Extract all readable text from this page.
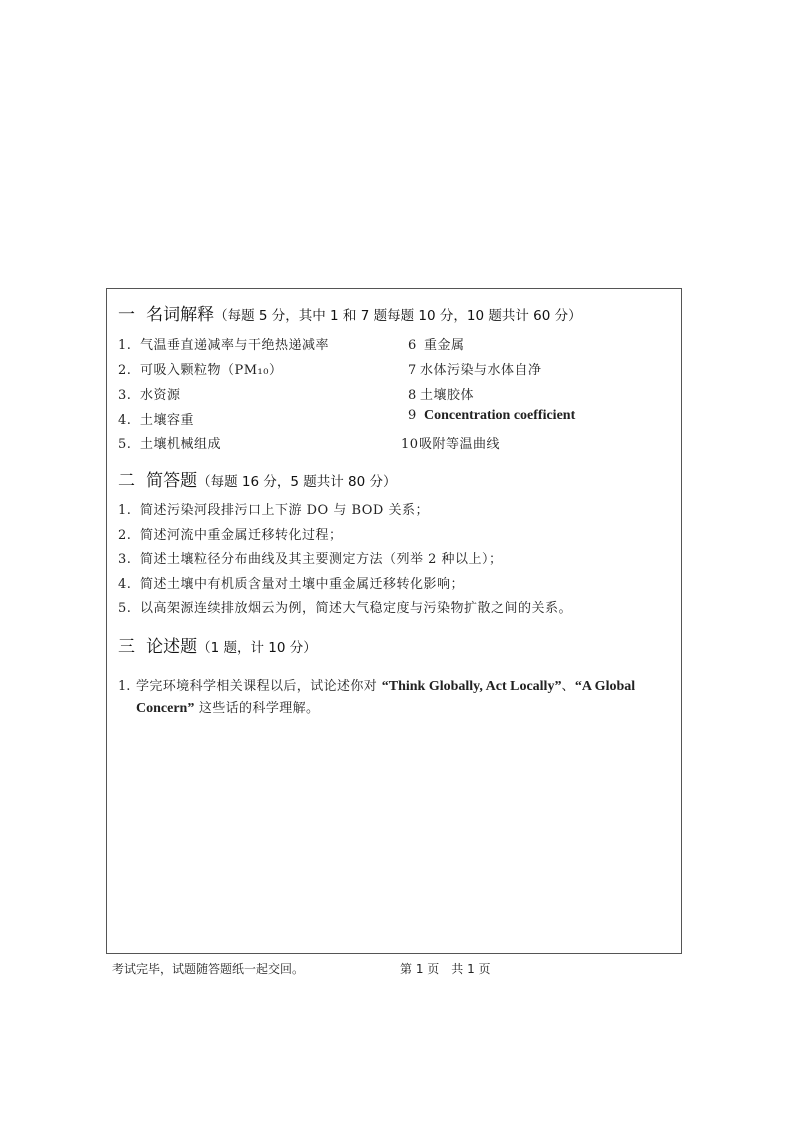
一 名词解释（每题 5 分，其中 1 和 7 题每题 10 分，10 题共计 60 分）
1. 气温垂直递减率与干绝热递减率
2. 可吸入颗粒物（PM₁₀）
3. 水资源
4. 土壤容重
5. 土壤机械组成
6 重金属
7 水体污染与水体自净
8 土壤胶体
9 Concentration coefficient
10吸附等温曲线
二 简答题（每题 16 分，5 题共计 80 分）
1. 简述污染河段排污口上下游 DO 与 BOD 关系；
2. 简述河流中重金属迁移转化过程；
3. 简述土壤粒径分布曲线及其主要测定方法（列举 2 种以上）；
4. 简述土壤中有机质含量对土壤中重金属迁移转化影响；
5. 以高架源连续排放烟云为例，简述大气稳定度与污染物扩散之间的关系。
三 论述题（1 题，计 10 分）
1. 学完环境科学相关课程以后，试论述你对 “Think Globally, Act Locally”、“A Global Concern” 这些话的科学理解。
考试完毕，试题随答题纸一起交回。	第 1 页　共 1 页
